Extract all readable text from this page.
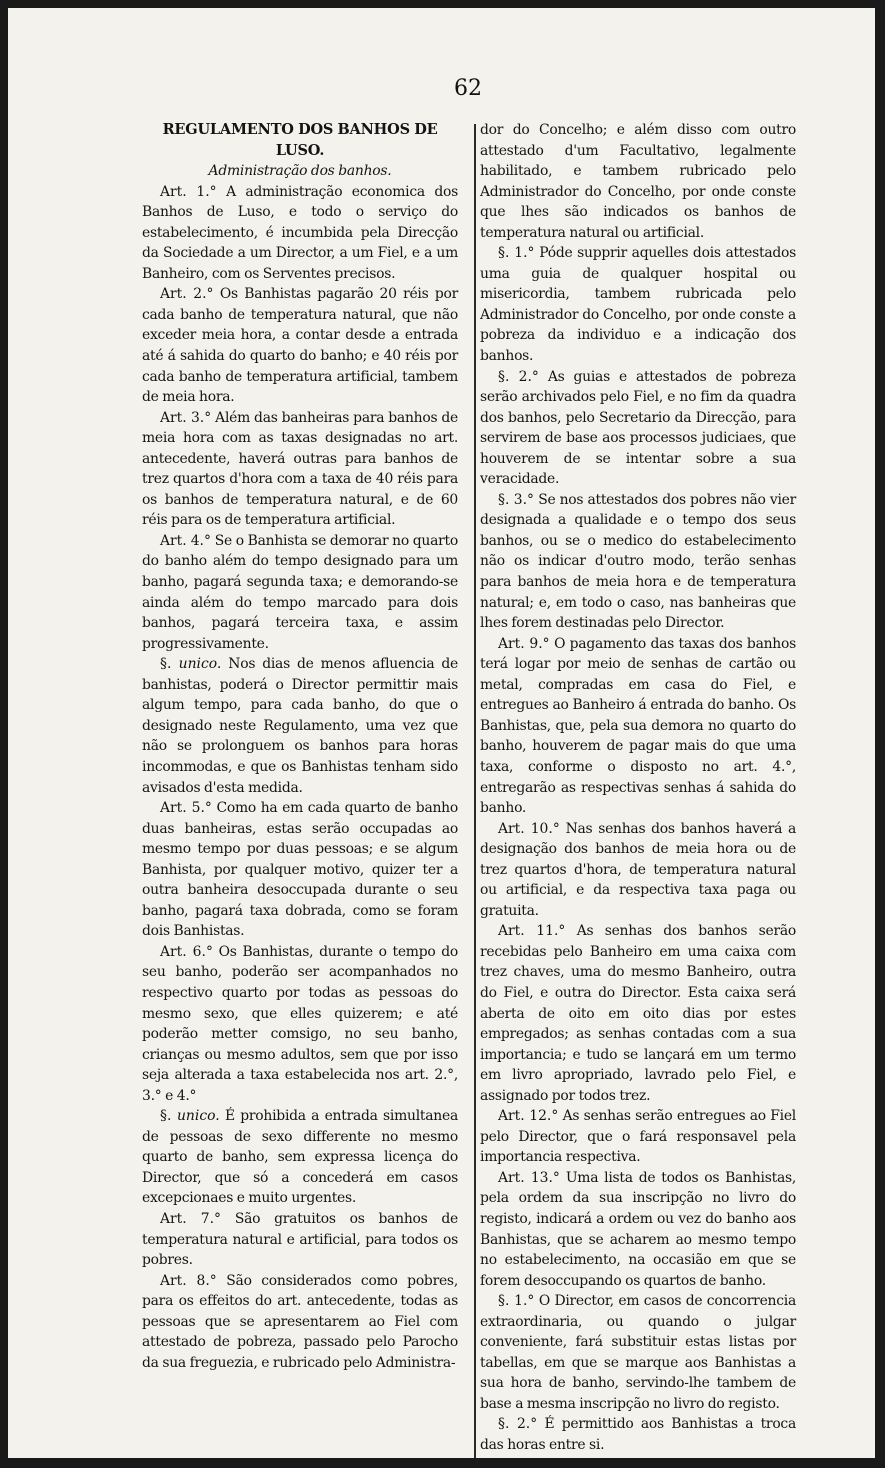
62

REGULAMENTO DOS BANHOS DE LUSO.

Administração dos banhos.

Art. 1.° A administração economica dos Banhos de Luso, e todo o serviço do estabelecimento, é incumbida pela Direcção da Sociedade a um Director, a um Fiel, e a um Banheiro, com os Serventes precisos.

Art. 2.° Os Banhistas pagarão 20 réis por cada banho de temperatura natural, que não exceder meia hora, a contar desde a entrada até á sahida do quarto do banho; e 40 réis por cada banho de temperatura artificial, tambem de meia hora.

Art. 3.° Além das banheiras para banhos de meia hora com as taxas designadas no art. antecedente, haverá outras para banhos de trez quartos d'hora com a taxa de 40 réis para os banhos de temperatura natural, e de 60 réis para os de temperatura artificial.

Art. 4.° Se o Banhista se demorar no quarto do banho além do tempo designado para um banho, pagará segunda taxa; e demorando-se ainda além do tempo marcado para dois banhos, pagará terceira taxa, e assim progressivamente.

§. unico. Nos dias de menos afluencia de banhistas, poderá o Director permittir mais algum tempo, para cada banho, do que o designado neste Regulamento, uma vez que não se prolonguem os banhos para horas incommodas, e que os Banhistas tenham sido avisados d'esta medida.

Art. 5.° Como ha em cada quarto de banho duas banheiras, estas serão occupadas ao mesmo tempo por duas pessoas; e se algum Banhista, por qualquer motivo, quizer ter a outra banheira desoccupada durante o seu banho, pagará taxa dobrada, como se foram dois Banhistas.

Art. 6.° Os Banhistas, durante o tempo do seu banho, poderão ser acompanhados no respectivo quarto por todas as pessoas do mesmo sexo, que elles quizerem; e até poderão metter comsigo, no seu banho, crianças ou mesmo adultos, sem que por isso seja alterada a taxa estabelecida nos art. 2.°, 3.° e 4.°

§. unico. É prohibida a entrada simultanea de pessoas de sexo differente no mesmo quarto de banho, sem expressa licença do Director, que só a concederá em casos excepcionaes e muito urgentes.

Art. 7.° São gratuitos os banhos de temperatura natural e artificial, para todos os pobres.

Art. 8.° São considerados como pobres, para os effeitos do art. antecedente, todas as pessoas que se apresentarem ao Fiel com attestado de pobreza, passado pelo Parocho da sua freguezia, e rubricado pelo Administra-

dor do Concelho; e além disso com outro attestado d'um Facultativo, legalmente habilitado, e tambem rubricado pelo Administrador do Concelho, por onde conste que lhes são indicados os banhos de temperatura natural ou artificial.

§. 1.° Póde supprir aquelles dois attestados uma guia de qualquer hospital ou misericordia, tambem rubricada pelo Administrador do Concelho, por onde conste a pobreza da individuo e a indicação dos banhos.

§. 2.° As guias e attestados de pobreza serão archivados pelo Fiel, e no fim da quadra dos banhos, pelo Secretario da Direcção, para servirem de base aos processos judiciaes, que houverem de se intentar sobre a sua veracidade.

§. 3.° Se nos attestados dos pobres não vier designada a qualidade e o tempo dos seus banhos, ou se o medico do estabelecimento não os indicar d'outro modo, terão senhas para banhos de meia hora e de temperatura natural; e, em todo o caso, nas banheiras que lhes forem destinadas pelo Director.

Art. 9.° O pagamento das taxas dos banhos terá logar por meio de senhas de cartão ou metal, compradas em casa do Fiel, e entregues ao Banheiro á entrada do banho. Os Banhistas, que, pela sua demora no quarto do banho, houverem de pagar mais do que uma taxa, conforme o disposto no art. 4.°, entregarão as respectivas senhas á sahida do banho.

Art. 10.° Nas senhas dos banhos haverá a designação dos banhos de meia hora ou de trez quartos d'hora, de temperatura natural ou artificial, e da respectiva taxa paga ou gratuita.

Art. 11.° As senhas dos banhos serão recebidas pelo Banheiro em uma caixa com trez chaves, uma do mesmo Banheiro, outra do Fiel, e outra do Director. Esta caixa será aberta de oito em oito dias por estes empregados; as senhas contadas com a sua importancia; e tudo se lançará em um termo em livro apropriado, lavrado pelo Fiel, e assignado por todos trez.

Art. 12.° As senhas serão entregues ao Fiel pelo Director, que o fará responsavel pela importancia respectiva.

Art. 13.° Uma lista de todos os Banhistas, pela ordem da sua inscripção no livro do registo, indicará a ordem ou vez do banho aos Banhistas, que se acharem ao mesmo tempo no estabelecimento, na occasião em que se forem desoccupando os quartos de banho.

§. 1.° O Director, em casos de concorrencia extraordinaria, ou quando o julgar conveniente, fará substituir estas listas por tabellas, em que se marque aos Banhistas a sua hora de banho, servindo-lhe tambem de base a mesma inscripção no livro do registo.

§. 2.° É permittido aos Banhistas a troca das horas entre si.
